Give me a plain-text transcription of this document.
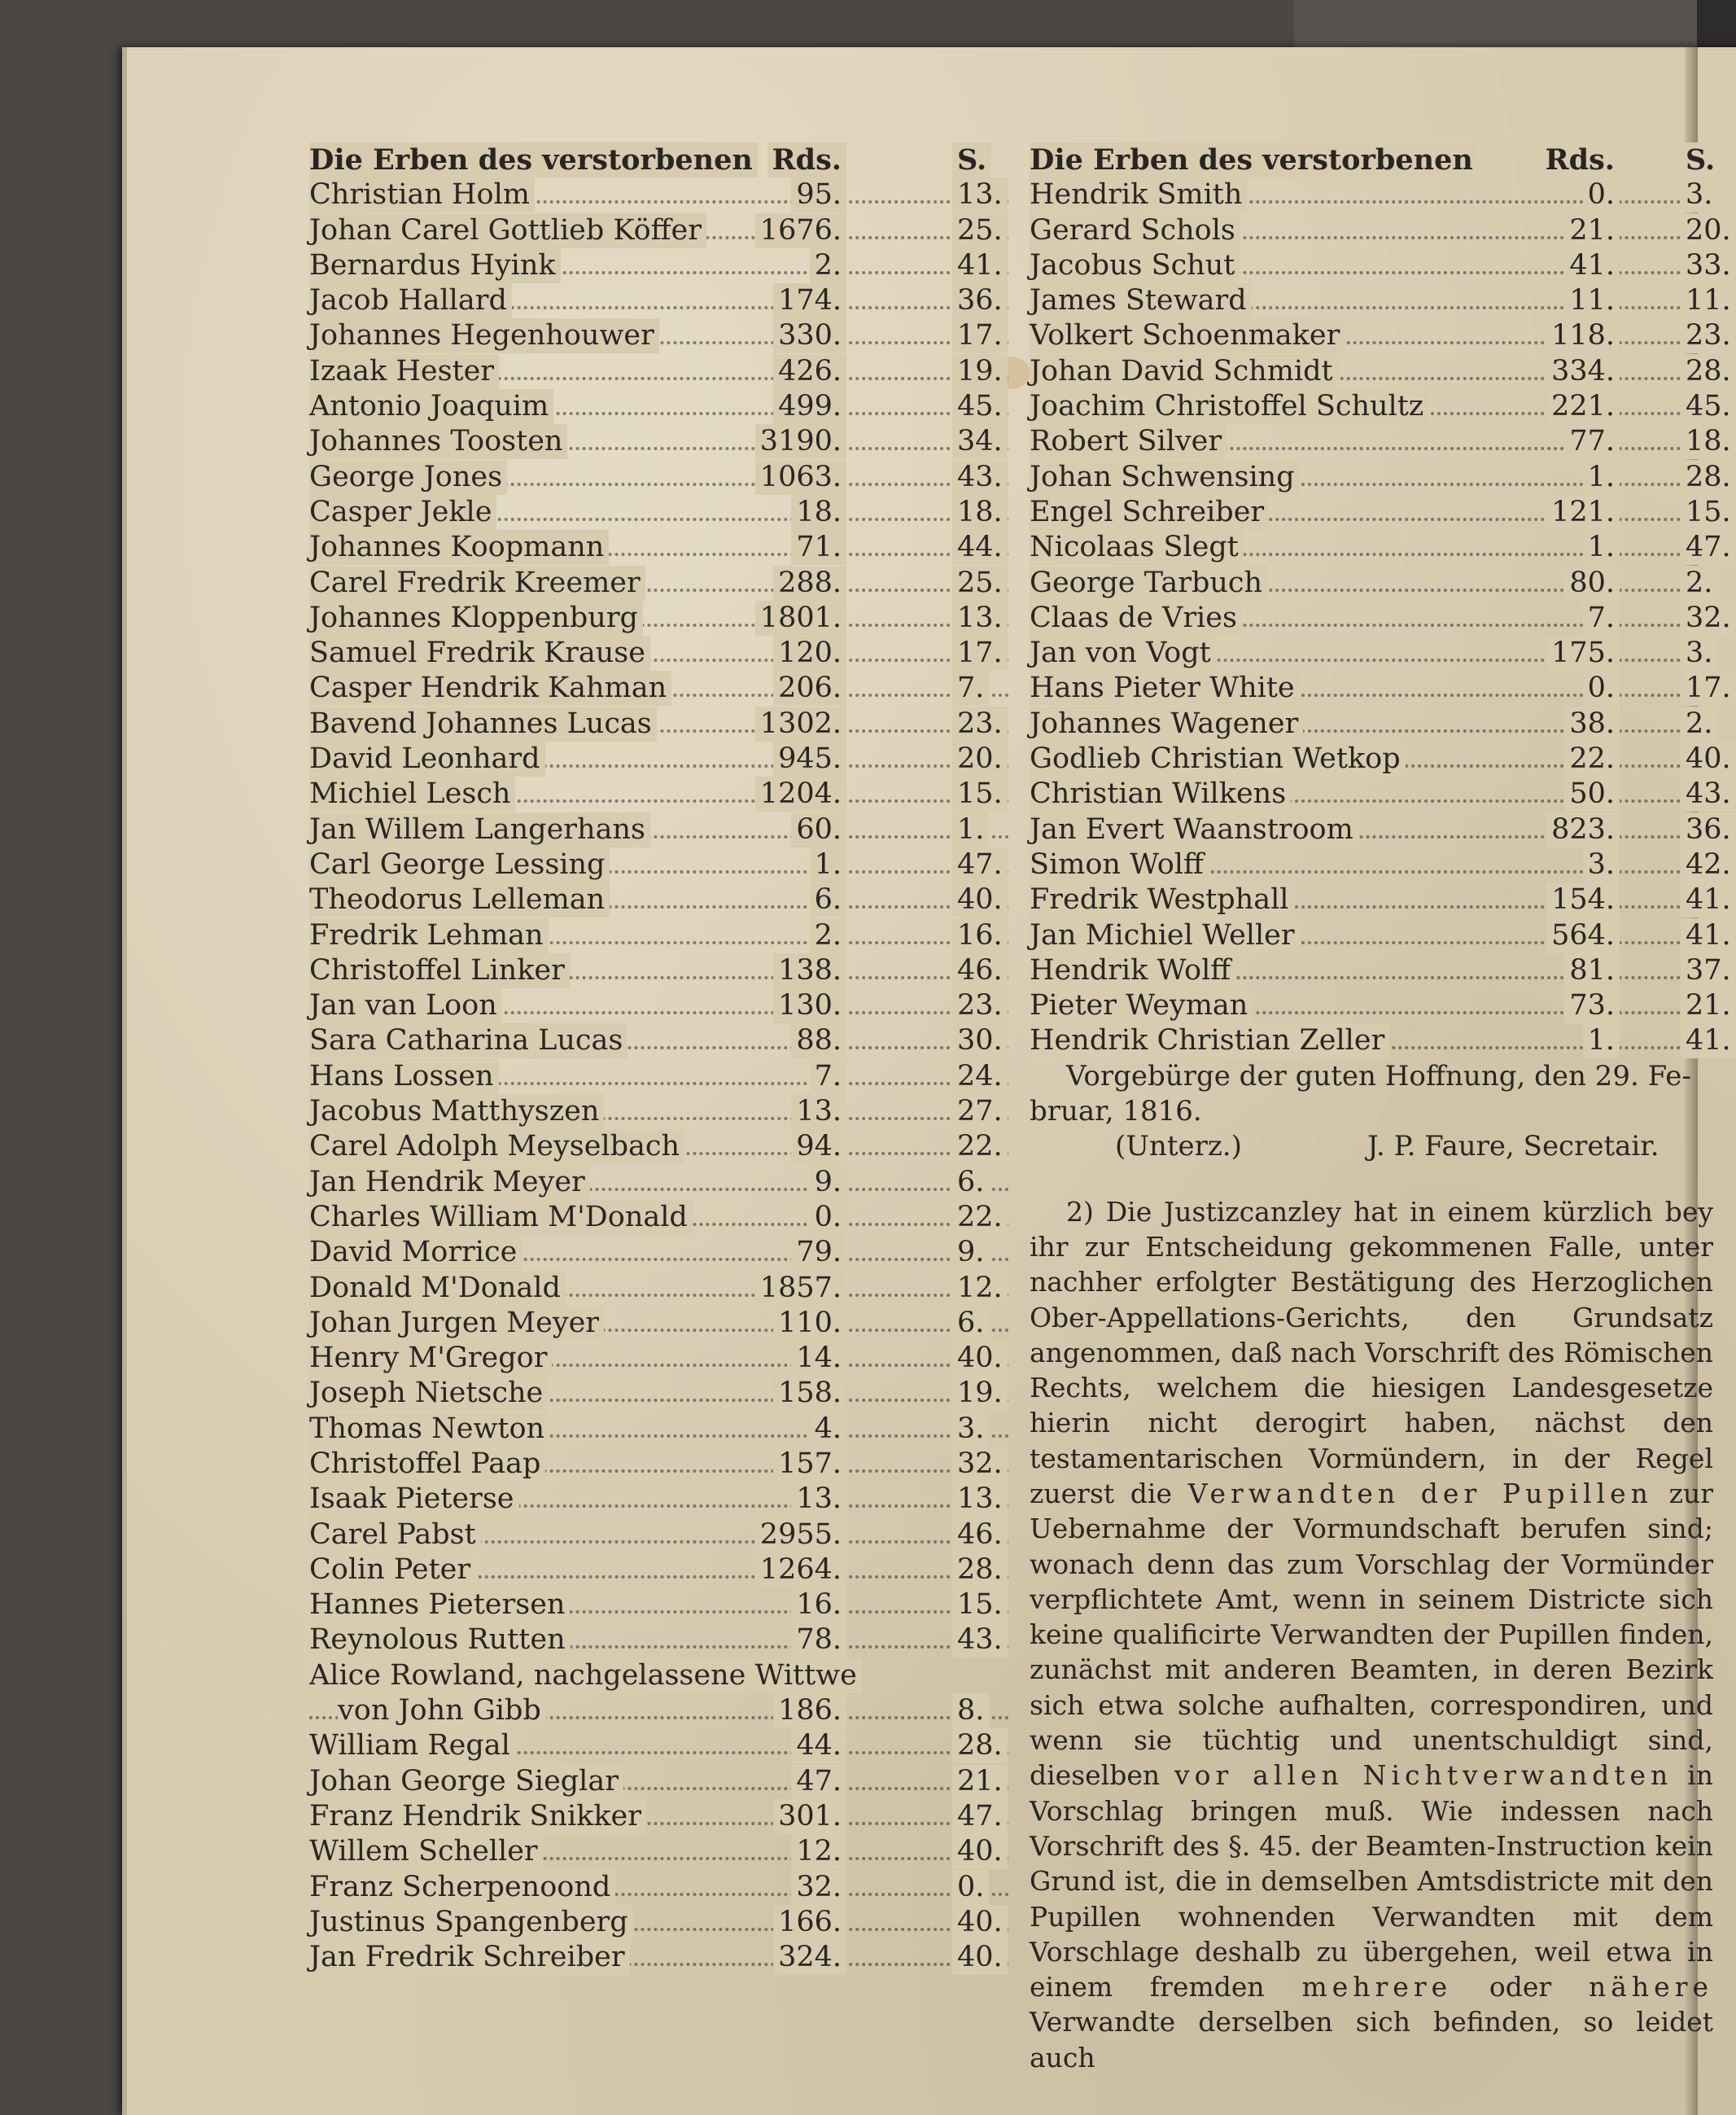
Die Erben des verstorbenen Rds.	S.
Christian Holm	95.	13.
Johan Carel Gottlieb Köffer 1676.	25.
Bernardus Hyink	2.	41.
Jacob Hallard	174.	36.
Johannes Hegenhouwer	330.	17.
Izaak Hester	426.	19.
Antonio Joaquim	499.	45.
Johannes Toosten	3190.	34.
George Jones	1063.	43.
Casper Jekle	18.	18.
Johannes Koopmann	71.	44.
Carel Fredrik Kreemer	288.	25.
Johannes Kloppenburg	1801.	13.
Samuel Fredrik Krause	120.	17.
Casper Hendrik Kahman	206.	7.
Bavend Johannes Lucas	1302.	23.
David Leonhard	945.	20.
Michiel Lesch	1204.	15.
Jan Willem Langerhans	60.	1.
Carl George Lessing	1.	47.
Theodorus Lelleman	6.	40.
Fredrik Lehman	2.	16.
Christoffel Linker	138.	46.
Jan van Loon	130.	23.
Sara Catharina Lucas	88.	30.
Hans Lossen	7.	24.
Jacobus Matthyszen	13.	27.
Carel Adolph Meyselbach	94.	22.
Jan Hendrik Meyer	9.	6.
Charles William M'Donald	0.	22.
David Morrice	79.	9.
Donald M'Donald	1857.	12.
Johan Jurgen Meyer	110.	6.
Henry M'Gregor	14.	40.
Joseph Nietsche	158.	19.
Thomas Newton	4.	3.
Christoffel Paap	157.	32.
Isaak Pieterse	13.	13.
Carel Pabst	2955.	46.
Colin Peter	1264.	28.
Hannes Pietersen	16.	15.
Reynolous Rutten	78.	43.
Alice Rowland, nachgelassene Wittwe
von John Gibb	186.	8.
William Regal	44.	28.
Johan George Sieglar	47.	21.
Franz Hendrik Snikker	301.	47.
Willem Scheller	12.	40.
Franz Scherpenoond	32.	0.
Justinus Spangenberg	166.	40.
Jan Fredrik Schreiber	324.	40.
Die Erben des verstorbenen	Rds. S.
Hendrik Smith	0. 3.
Gerard Schols	21. 20.
Jacobus Schut	41. 33.
James Steward	11. 11.
Volkert Schoenmaker	118. 23.
Johan David Schmidt	334. 28.
Joachim Christoffel Schultz	221. 45.
Robert Silver	77. 18.
Johan Schwensing	1. 28.
Engel Schreiber	121. 15.
Nicolaas Slegt	1. 47.
George Tarbuch	80. 2.
Claas de Vries	7. 32.
Jan von Vogt	175. 3.
Hans Pieter White	0. 17.
Johannes Wagener	38. 2.
Godlieb Christian Wetkop	22. 40.
Christian Wilkens	50. 43.
Jan Evert Waanstroom	823. 36.
Simon Wolff	3. 42.
Fredrik Westphall	154. 41.
Jan Michiel Weller	564. 41.
Hendrik Wolff	81. 37.
Pieter Weyman	73. 21.
Hendrik Christian Zeller	1. 41.
Vorgebürge der guten Hoffnung, den 29. Fe-
bruar, 1816.
(Unterz.)	J. P. Faure, Secretair.
2) Die Justizcanzley hat in einem kürzlich bey ihr zur Entscheidung gekommenen Falle, unter nachher erfolgter Bestätigung des Herzoglichen Ober-Appellations-Gerichts, den Grundsatz angenommen, daß nach Vorschrift des Römischen Rechts, welchem die hiesigen Landesgesetze hierin nicht derogirt haben, nächst den testamentarischen Vormündern, in der Regel zuerst die Verwandten der Pupillen zur Uebernahme der Vormundschaft berufen sind; wonach denn das zum Vorschlag der Vormünder verpflichtete Amt, wenn in seinem Districte sich keine qualificirte Verwandten der Pupillen finden, zunächst mit anderen Beamten, in deren Bezirk sich etwa solche aufhalten, correspondiren, und wenn sie tüchtig und unentschuldigt sind, dieselben vor allen Nichtverwandten in Vorschlag bringen muß. Wie indessen nach Vorschrift des §. 45. der Beamten-Instruction kein Grund ist, die in demselben Amtsdistricte mit den Pupillen wohnenden Verwandten mit dem Vorschlage deshalb zu übergehen, weil etwa in einem fremden mehrere oder nähere Verwandte derselben sich befinden, so leidet auch
